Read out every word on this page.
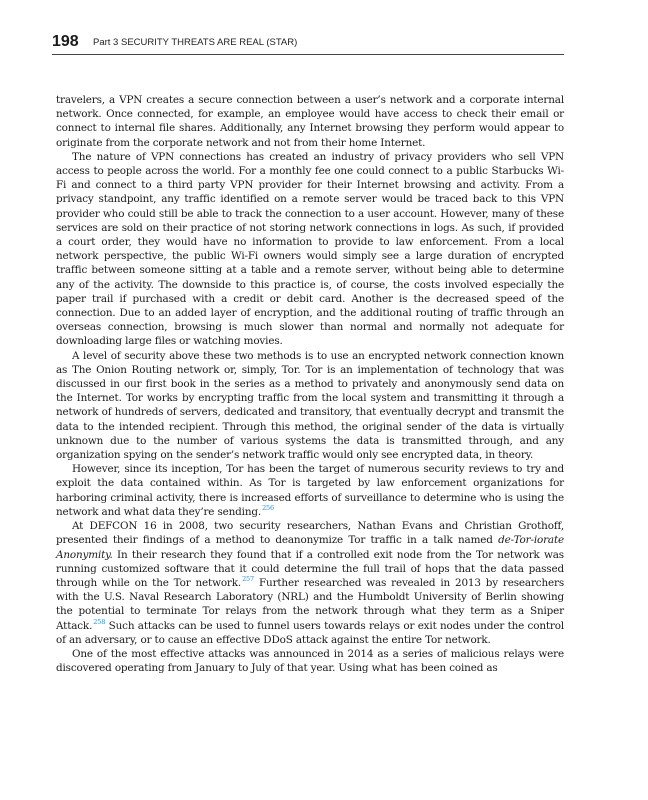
198 Part 3 SECURITY THREATS ARE REAL (STAR)

travelers, a VPN creates a secure connection between a user’s network and a corporate internal network. Once connected, for example, an employee would have access to check their email or connect to internal file shares. Additionally, any Internet browsing they perform would appear to originate from the corporate network and not from their home Internet.

The nature of VPN connections has created an industry of privacy providers who sell VPN access to people across the world. For a monthly fee one could connect to a public Starbucks Wi-Fi and connect to a third party VPN provider for their Internet browsing and activity. From a privacy standpoint, any traffic identified on a remote server would be traced back to this VPN provider who could still be able to track the connection to a user account. However, many of these services are sold on their practice of not storing network connections in logs. As such, if provided a court order, they would have no information to provide to law enforcement. From a local network perspective, the public Wi-Fi owners would simply see a large duration of encrypted traffic between someone sitting at a table and a remote server, without being able to determine any of the activity. The downside to this practice is, of course, the costs involved especially the paper trail if purchased with a credit or debit card. Another is the decreased speed of the connection. Due to an added layer of encryption, and the additional routing of traffic through an overseas connection, browsing is much slower than normal and normally not adequate for downloading large files or watching movies.

A level of security above these two methods is to use an encrypted network connection known as The Onion Routing network or, simply, Tor. Tor is an implementation of technology that was discussed in our first book in the series as a method to privately and anonymously send data on the Internet. Tor works by encrypting traffic from the local system and transmitting it through a network of hundreds of servers, dedicated and transitory, that eventually decrypt and transmit the data to the intended recipient. Through this method, the original sender of the data is virtually unknown due to the number of various systems the data is transmitted through, and any organization spying on the sender’s network traffic would only see encrypted data, in theory.

However, since its inception, Tor has been the target of numerous security reviews to try and exploit the data contained within. As Tor is targeted by law enforcement organizations for harboring criminal activity, there is increased efforts of surveillance to determine who is using the network and what data they’re sending.$^{256}$

At DEFCON 16 in 2008, two security researchers, Nathan Evans and Christian Grothoff, presented their findings of a method to deanonymize Tor traffic in a talk named de-Tor-iorate Anonymity. In their research they found that if a controlled exit node from the Tor network was running customized software that it could determine the full trail of hops that the data passed through while on the Tor network.$^{257}$ Further researched was revealed in 2013 by researchers with the U.S. Naval Research Laboratory (NRL) and the Humboldt University of Berlin showing the potential to terminate Tor relays from the network through what they term as a Sniper Attack.$^{258}$ Such attacks can be used to funnel users towards relays or exit nodes under the control of an adversary, or to cause an effective DDoS attack against the entire Tor network.

One of the most effective attacks was announced in 2014 as a series of malicious relays were discovered operating from January to July of that year. Using what has been coined as
